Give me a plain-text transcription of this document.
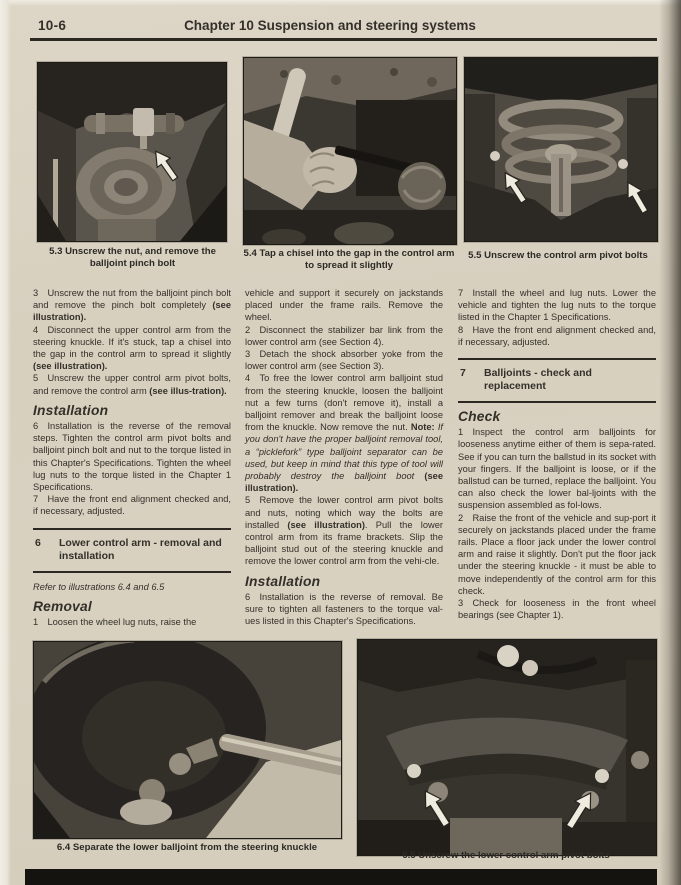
10-6	Chapter 10 Suspension and steering systems
5.3 Unscrew the nut, and remove the balljoint pinch bolt
5.4 Tap a chisel into the gap in the control arm to spread it slightly
5.5 Unscrew the control arm pivot bolts

3 Unscrew the nut from the balljoint pinch bolt and remove the pinch bolt completely (see illustration).

4 Disconnect the upper control arm from the steering knuckle. If it's stuck, tap a chisel into the gap in the control arm to spread it slightly (see illustration).

5 Unscrew the upper control arm pivot bolts, and remove the control arm (see illus-tration).

Installation

6 Installation is the reverse of the removal steps. Tighten the control arm pivot bolts and balljoint pinch bolt and nut to the torque listed in this Chapter's Specifications. Tighten the wheel lug nuts to the torque listed in the Chapter 1 Specifications.

7 Have the front end alignment checked and, if necessary, adjusted.

6	Lower control arm - removal and installation

Refer to illustrations 6.4 and 6.5

Removal

1 Loosen the wheel lug nuts, raise the

vehicle and support it securely on jackstands placed under the frame rails. Remove the wheel.

2 Disconnect the stabilizer bar link from the lower control arm (see Section 4).

3 Detach the shock absorber yoke from the lower control arm (see Section 3).

4 To free the lower control arm balljoint stud from the steering knuckle, loosen the balljoint nut a few turns (don't remove it), install a balljoint remover and break the balljoint loose from the knuckle. Now remove the nut. Note: If you don't have the proper balljoint removal tool, a “picklefork” type balljoint separator can be used, but keep in mind that this type of tool will probably destroy the balljoint boot (see illustration).

5 Remove the lower control arm pivot bolts and nuts, noting which way the bolts are installed (see illustration). Pull the lower control arm from its frame brackets. Slip the balljoint stud out of the steering knuckle and remove the lower control arm from the vehi-cle.

Installation

6 Installation is the reverse of removal. Be sure to tighten all fasteners to the torque val-ues listed in this Chapter's Specifications.

7 Install the wheel and lug nuts. Lower the vehicle and tighten the lug nuts to the torque listed in the Chapter 1 Specifications.

8 Have the front end alignment checked and, if necessary, adjusted.

7	Balljoints - check and replacement
Check

1 Inspect the control arm balljoints for looseness anytime either of them is sepa-rated. See if you can turn the ballstud in its socket with your fingers. If the balljoint is loose, or if the ballstud can be turned, replace the balljoint. You can also check the lower bal-ljoints with the suspension assembled as fol-lows.

2 Raise the front of the vehicle and sup-port it securely on jackstands placed under the frame rails. Place a floor jack under the lower control arm and raise it slightly. Don't put the floor jack under the steering knuckle - it must be able to move independently of the control arm for this check.

3 Check for looseness in the front wheel bearings (see Chapter 1).

6.4 Separate the lower balljoint from the steering knuckle
6.5 Unscrew the lower control arm pivot bolts
